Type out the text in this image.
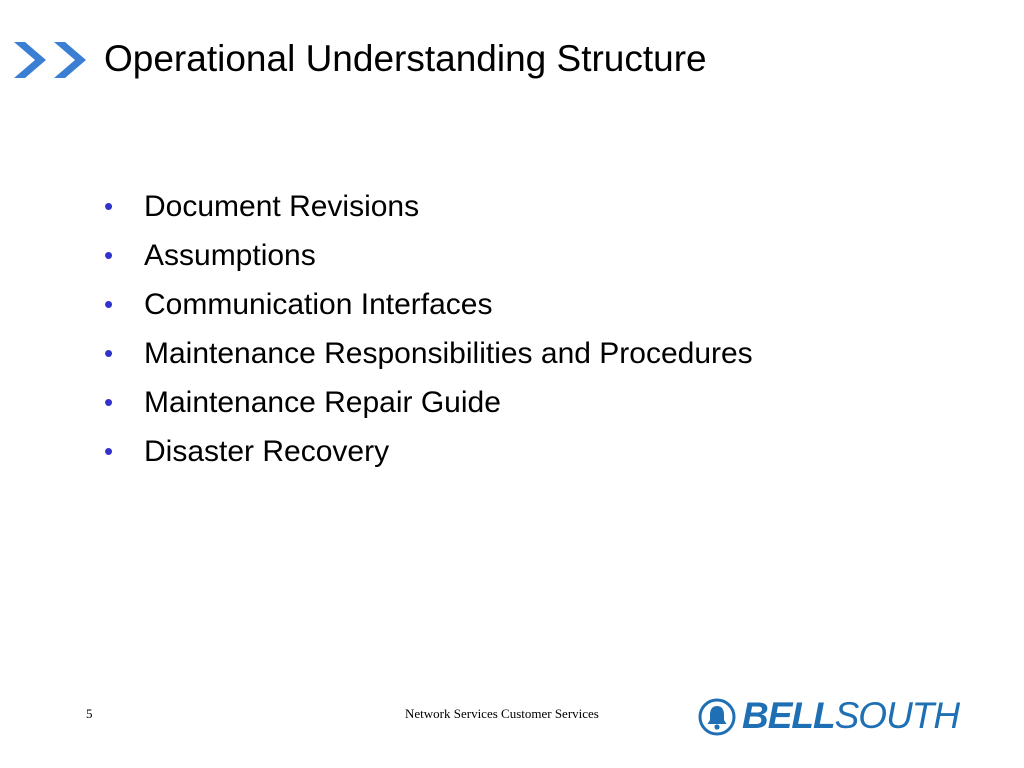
Operational Understanding Structure
• Document Revisions
• Assumptions
• Communication Interfaces
• Maintenance Responsibilities and Procedures
• Maintenance Repair Guide
• Disaster Recovery
5	Network Services Customer Services	BELLSOUTH
